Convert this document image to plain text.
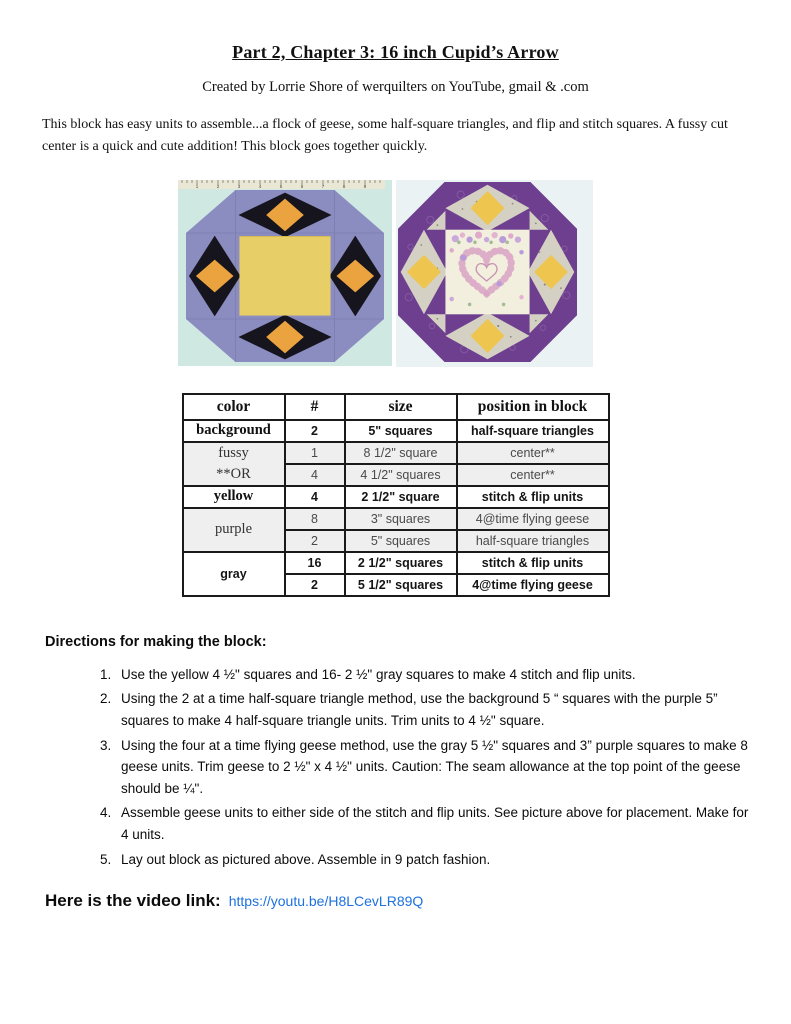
Part 2, Chapter 3: 16 inch Cupid’s Arrow
Created by Lorrie Shore of werquilters on YouTube, gmail & .com

This block has easy units to assemble...a flock of geese, some half-square triangles, and flip and stitch squares. A fussy cut center is a quick and cute addition! This block goes together quickly.

1	2	3	4	5	6	7	8	9
color	#	size	position in block
background	2	5" squares	half-square triangles

fussy
**OR	1	8 1/2" square	center**
	4	4 1/2" squares	center**
yellow	4	2 1/2" square	stitch & flip units
purple	8	3" squares	4@time flying geese
	2	5" squares	half-square triangles
gray	16	2 1/2" squares	stitch & flip units
	2	5 1/2" squares	4@time flying geese
Directions for making the block:
1. Use the yellow 4 ½" squares and 16- 2 ½" gray squares to make 4 stitch and flip units.
2. Using the 2 at a time half-square triangle method, use the background 5 “ squares with the purple 5” squares to make 4 half-square triangle units. Trim units to 4 ½" square.
3. Using the four at a time flying geese method, use the gray 5 ½" squares and 3” purple squares to make 8 geese units. Trim geese to 2 ½" x 4 ½" units. Caution: The seam allowance at the top point of the geese should be ¼".
4. Assemble geese units to either side of the stitch and flip units. See picture above for placement. Make for 4 units.
5. Lay out block as pictured above. Assemble in 9 patch fashion.
Here is the video link: https://youtu.be/H8LCevLR89Q
